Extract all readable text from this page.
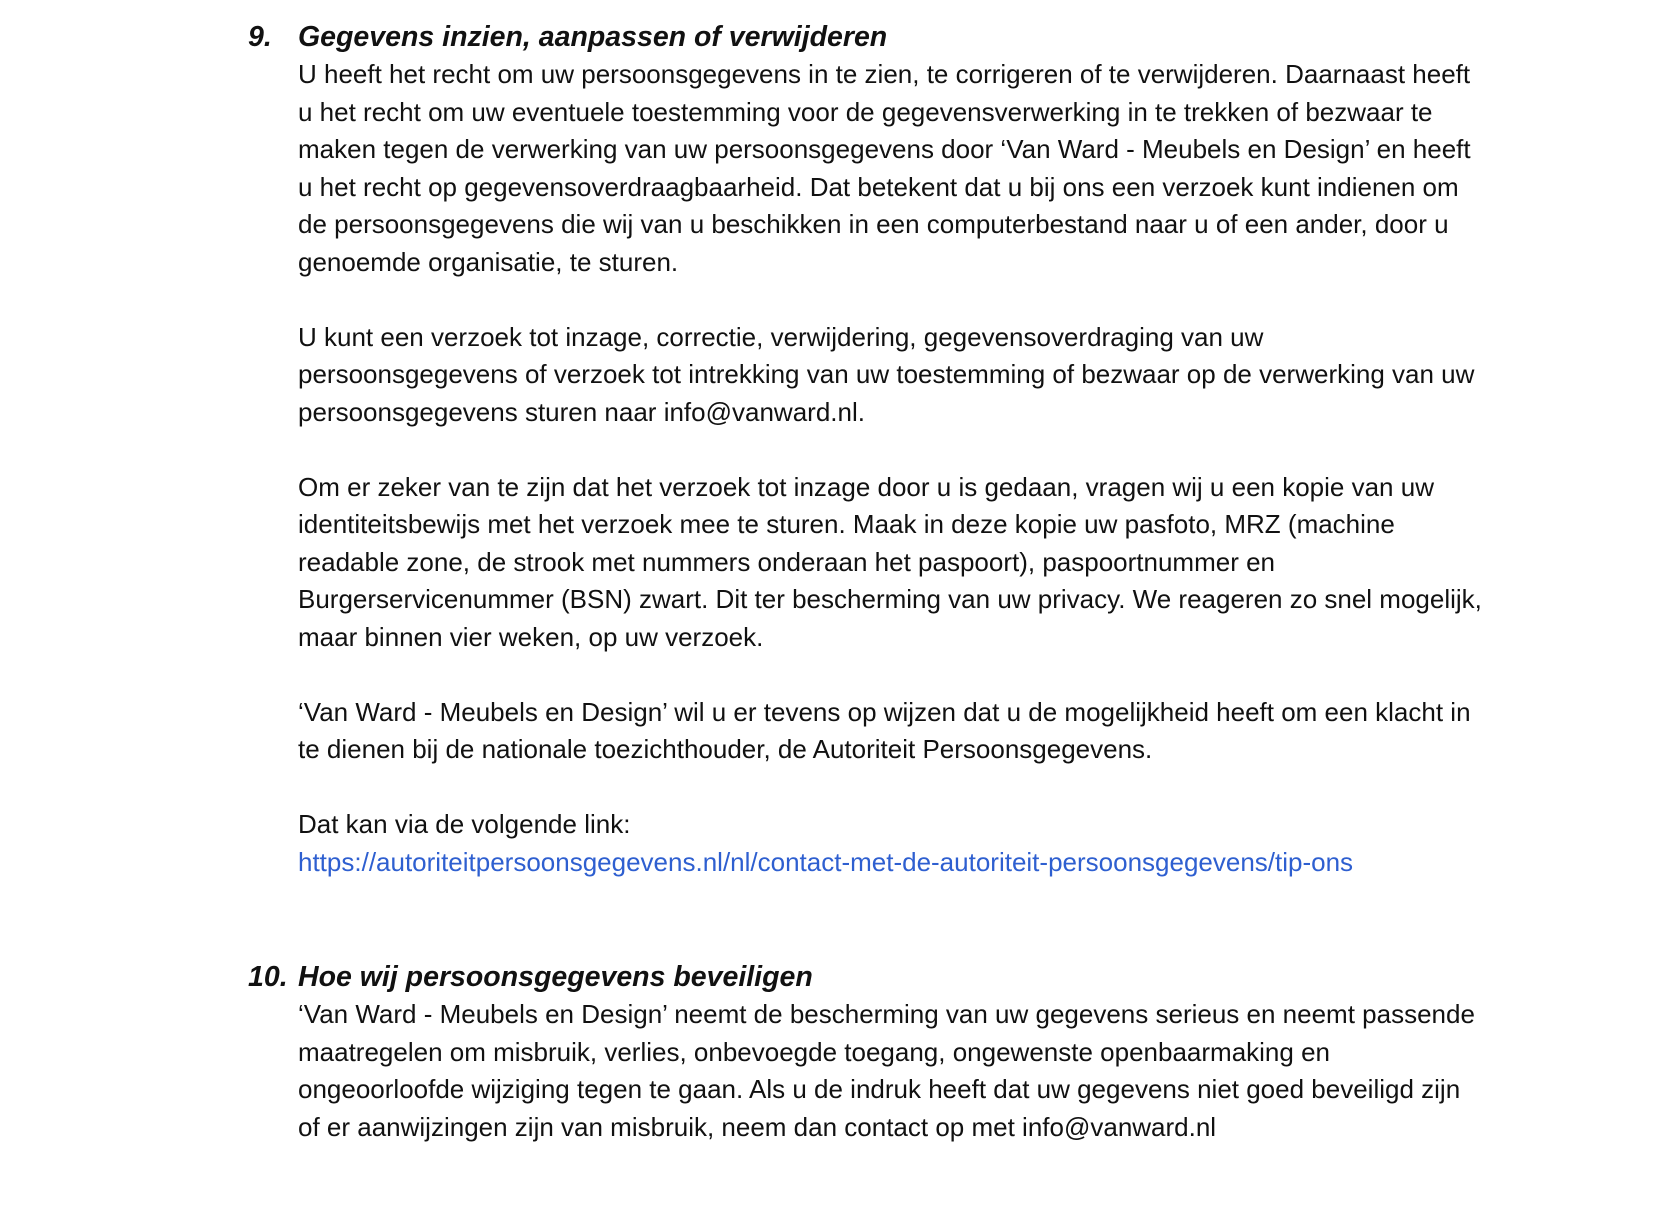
9. Gegevens inzien, aanpassen of verwijderen

U heeft het recht om uw persoonsgegevens in te zien, te corrigeren of te verwijderen. Daarnaast heeft u het recht om uw eventuele toestemming voor de gegevensverwerking in te trekken of bezwaar te maken tegen de verwerking van uw persoonsgegevens door ‘Van Ward - Meubels en Design’ en heeft u het recht op gegevensoverdraagbaarheid. Dat betekent dat u bij ons een verzoek kunt indienen om de persoonsgegevens die wij van u beschikken in een computerbestand naar u of een ander, door u genoemde organisatie, te sturen.

U kunt een verzoek tot inzage, correctie, verwijdering, gegevensoverdraging van uw persoonsgegevens of verzoek tot intrekking van uw toestemming of bezwaar op de verwerking van uw persoonsgegevens sturen naar info@vanward.nl.

Om er zeker van te zijn dat het verzoek tot inzage door u is gedaan, vragen wij u een kopie van uw identiteitsbewijs met het verzoek mee te sturen. Maak in deze kopie uw pasfoto, MRZ (machine readable zone, de strook met nummers onderaan het paspoort), paspoortnummer en Burgerservicenummer (BSN) zwart. Dit ter bescherming van uw privacy. We reageren zo snel mogelijk, maar binnen vier weken, op uw verzoek.

‘Van Ward - Meubels en Design’ wil u er tevens op wijzen dat u de mogelijkheid heeft om een klacht in te dienen bij de nationale toezichthouder, de Autoriteit Persoonsgegevens.

Dat kan via de volgende link:

https://autoriteitpersoonsgegevens.nl/nl/contact-met-de-autoriteit-persoonsgegevens/tip-ons

10. Hoe wij persoonsgegevens beveiligen

‘Van Ward - Meubels en Design’ neemt de bescherming van uw gegevens serieus en neemt passende maatregelen om misbruik, verlies, onbevoegde toegang, ongewenste openbaarmaking en ongeoorloofde wijziging tegen te gaan. Als u de indruk heeft dat uw gegevens niet goed beveiligd zijn of er aanwijzingen zijn van misbruik, neem dan contact op met info@vanward.nl
